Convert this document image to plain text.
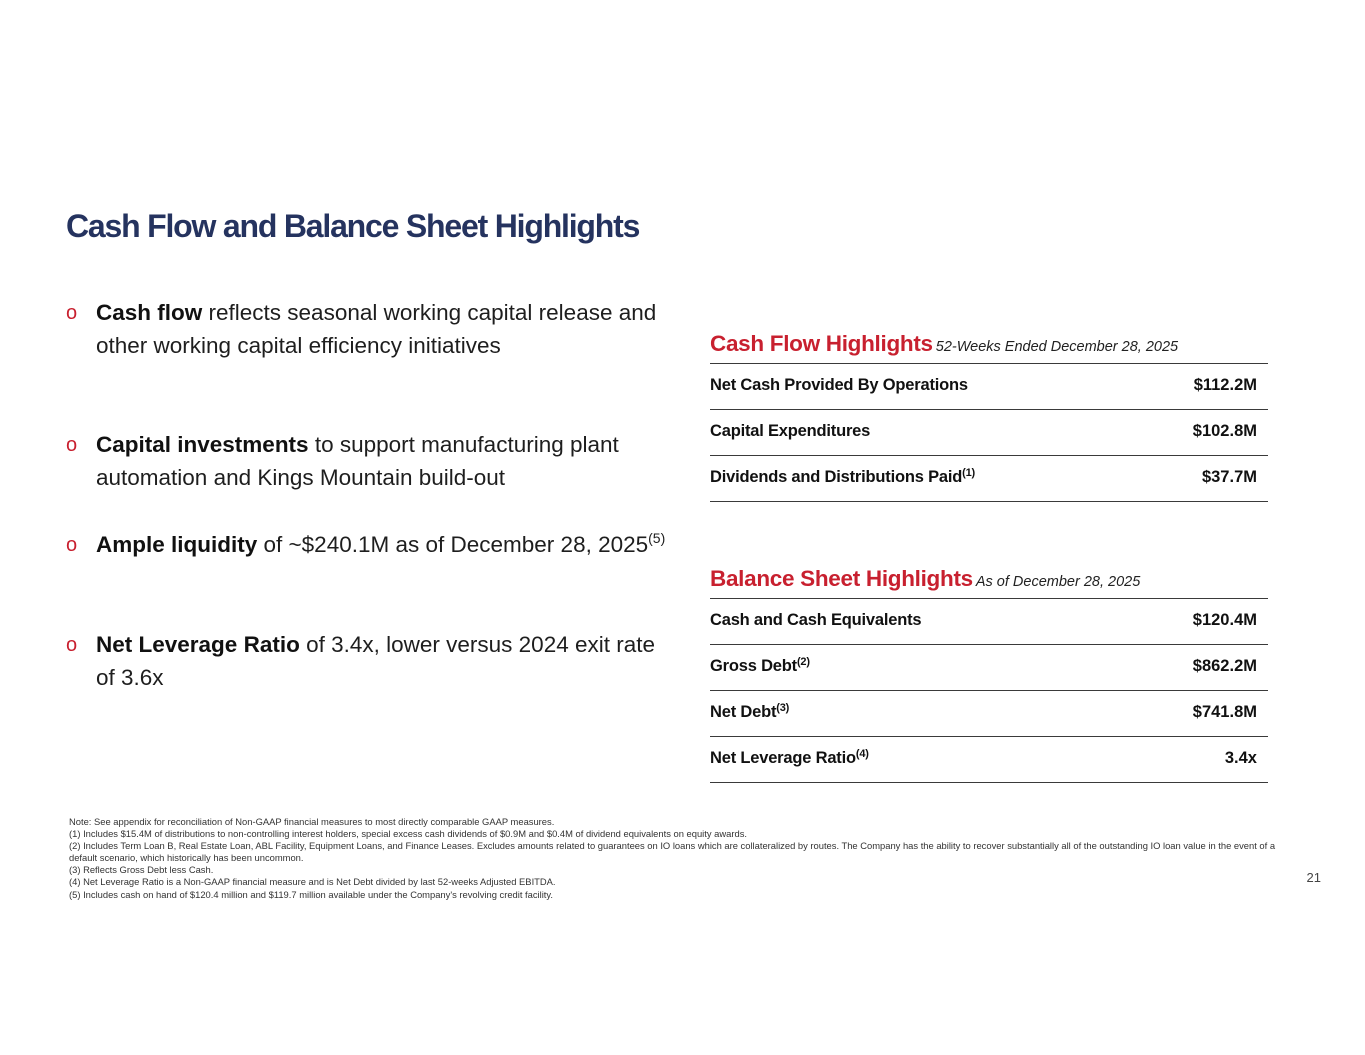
Cash Flow and Balance Sheet Highlights
o Cash flow reflects seasonal working capital release and other working capital efficiency initiatives
o Capital investments to support manufacturing plant automation and Kings Mountain build-out
o Ample liquidity of ~$240.1M as of December 28, 2025$^{(5)}$
o Net Leverage Ratio of 3.4x, lower versus 2024 exit rate of 3.6x
Cash Flow Highlights 52-Weeks Ended December 28, 2025
Net Cash Provided By Operations	$112.2M
Capital Expenditures	$102.8M
Dividends and Distributions Paid$^{(1)}$	$37.7M
Balance Sheet Highlights As of December 28, 2025
Cash and Cash Equivalents	$120.4M
Gross Debt$^{(2)}$	$862.2M
Net Debt$^{(3)}$	$741.8M
Net Leverage Ratio$^{(4)}$	3.4x
Note: See appendix for reconciliation of Non-GAAP financial measures to most directly comparable GAAP measures.
(1) Includes $15.4M of distributions to non-controlling interest holders, special excess cash dividends of $0.9M and $0.4M of dividend equivalents on equity awards.
(2) Includes Term Loan B, Real Estate Loan, ABL Facility, Equipment Loans, and Finance Leases. Excludes amounts related to guarantees on IO loans which are collateralized by routes. The Company has the ability to recover substantially all of the outstanding IO loan value in the event of a default scenario, which historically has been uncommon.
(3) Reflects Gross Debt less Cash.
(4) Net Leverage Ratio is a Non-GAAP financial measure and is Net Debt divided by last 52-weeks Adjusted EBITDA.
(5) Includes cash on hand of $120.4 million and $119.7 million available under the Company's revolving credit facility.
21
